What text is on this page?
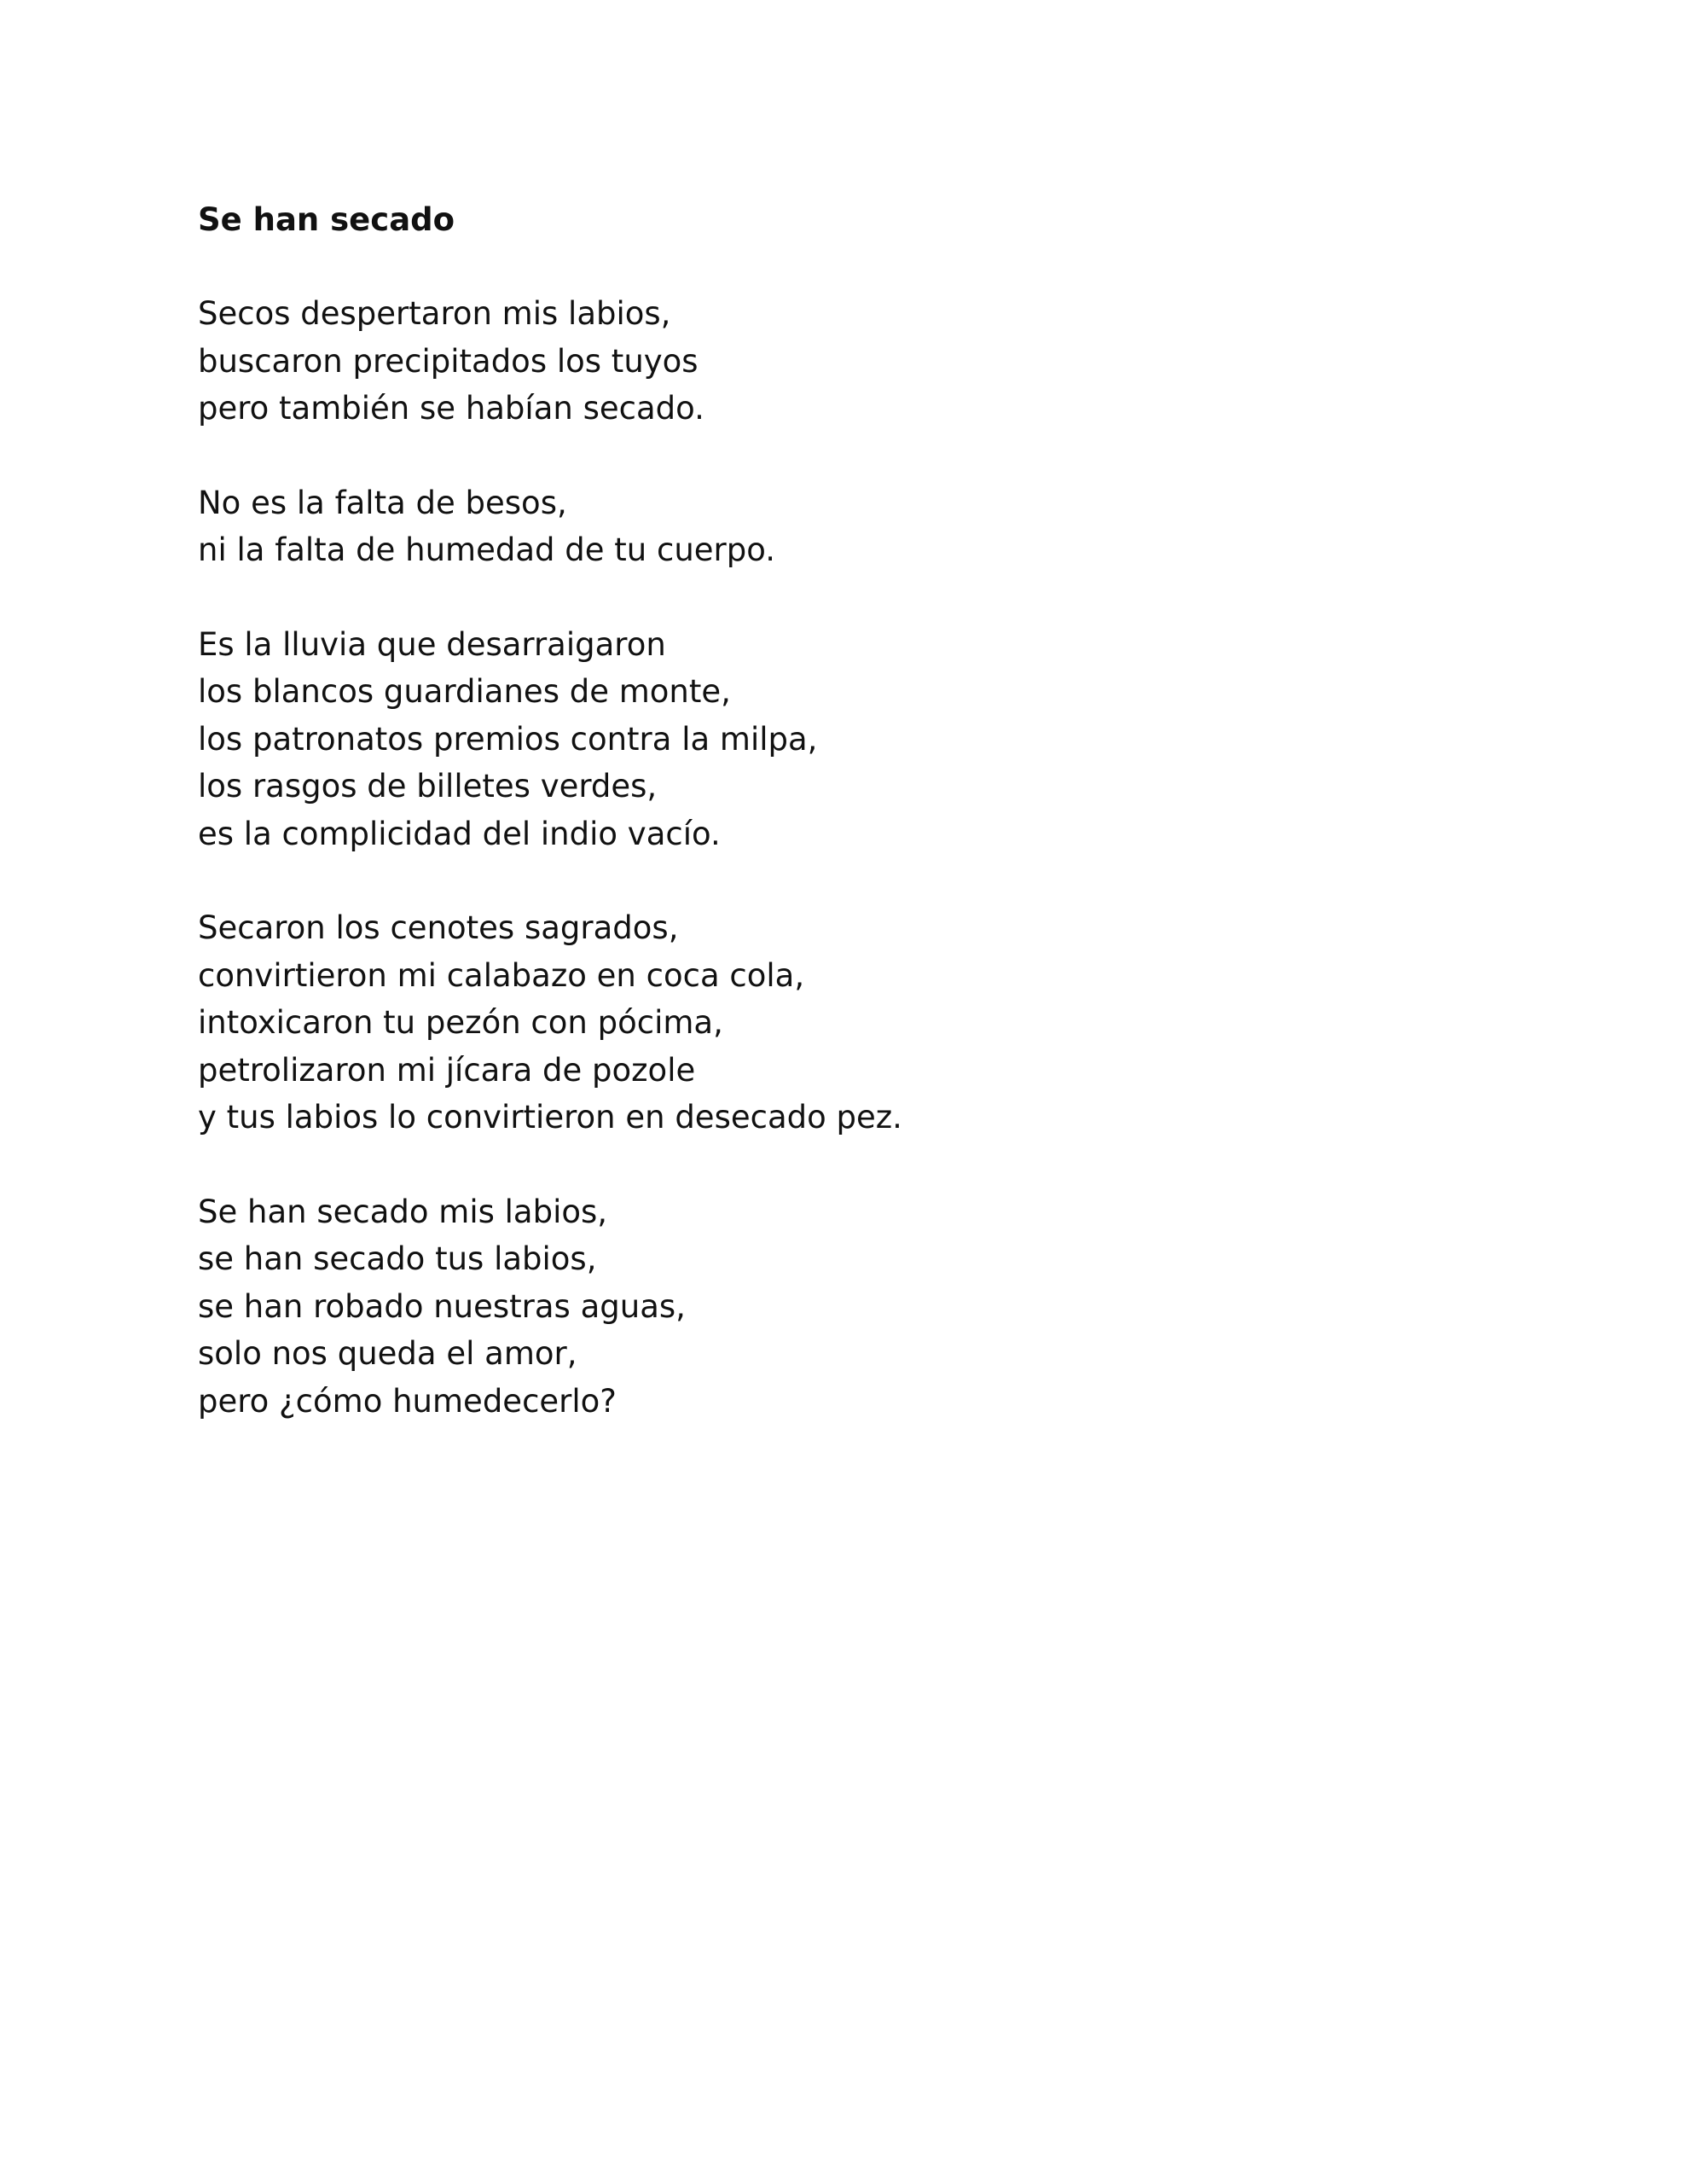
Se han secado
Secos despertaron mis labios,
buscaron precipitados los tuyos
pero también se habían secado.
No es la falta de besos,
ni la falta de humedad de tu cuerpo.
Es la lluvia que desarraigaron
los blancos guardianes de monte,
los patronatos premios contra la milpa,
los rasgos de billetes verdes,
es la complicidad del indio vacío.
Secaron los cenotes sagrados,
convirtieron mi calabazo en coca cola,
intoxicaron tu pezón con pócima,
petrolizaron mi jícara de pozole
y tus labios lo convirtieron en desecado pez.
Se han secado mis labios,
se han secado tus labios,
se han robado nuestras aguas,
solo nos queda el amor,
pero ¿cómo humedecerlo?
